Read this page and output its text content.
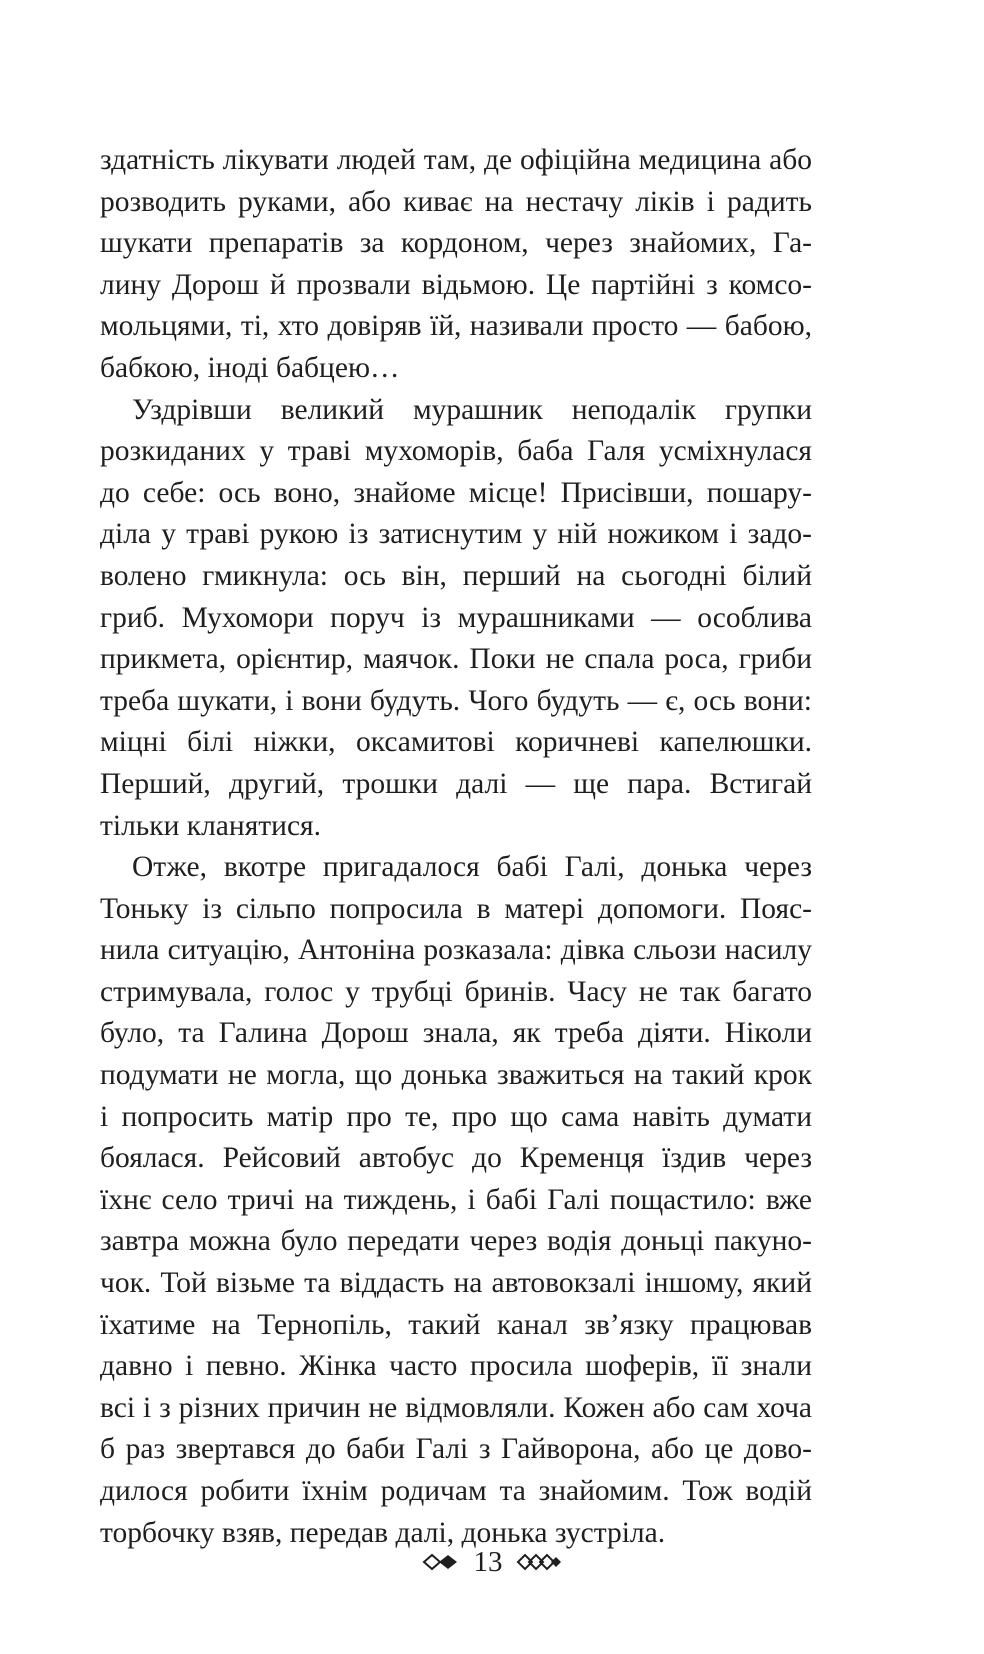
здатність лікувати людей там, де офіційна медицина або
розводить руками, або киває на нестачу ліків і радить
шукати препаратів за кордоном, через знайомих, Га-
лину Дорош й прозвали відьмою. Це партійні з комсо-
мольцями, ті, хто довіряв їй, називали просто — бабою,
бабкою, іноді бабцею…
Уздрівши великий мурашник неподалік групки
розкиданих у траві мухоморів, баба Галя усміхнулася
до себе: ось воно, знайоме місце! Присівши, пошару-
діла у траві рукою із затиснутим у ній ножиком і задо-
волено гмикнула: ось він, перший на сьогодні білий
гриб. Мухомори поруч із мурашниками — особлива
прикмета, орієнтир, маячок. Поки не спала роса, гриби
треба шукати, і вони будуть. Чого будуть — є, ось вони:
міцні білі ніжки, оксамитові коричневі капелюшки.
Перший, другий, трошки далі — ще пара. Встигай
тільки кланятися.
Отже, вкотре пригадалося бабі Галі, донька через
Тоньку із сільпо попросила в матері допомоги. Пояс-
нила ситуацію, Антоніна розказала: дівка сльози насилу
стримувала, голос у трубці бринів. Часу не так багато
було, та Галина Дорош знала, як треба діяти. Ніколи
подумати не могла, що донька зважиться на такий крок
і попросить матір про те, про що сама навіть думати
боялася. Рейсовий автобус до Кременця їздив через
їхнє село тричі на тиждень, і бабі Галі пощастило: вже
завтра можна було передати через водія доньці пакуно-
чок. Той візьме та віддасть на автовокзалі іншому, який
їхатиме на Тернопіль, такий канал зв’язку працював
давно і певно. Жінка часто просила шоферів, її знали
всі і з різних причин не відмовляли. Кожен або сам хоча
б раз звертався до баби Галі з Гайворона, або це дово-
дилося робити їхнім родичам та знайомим. Тож водій
торбочку взяв, передав далі, донька зустріла.
13
